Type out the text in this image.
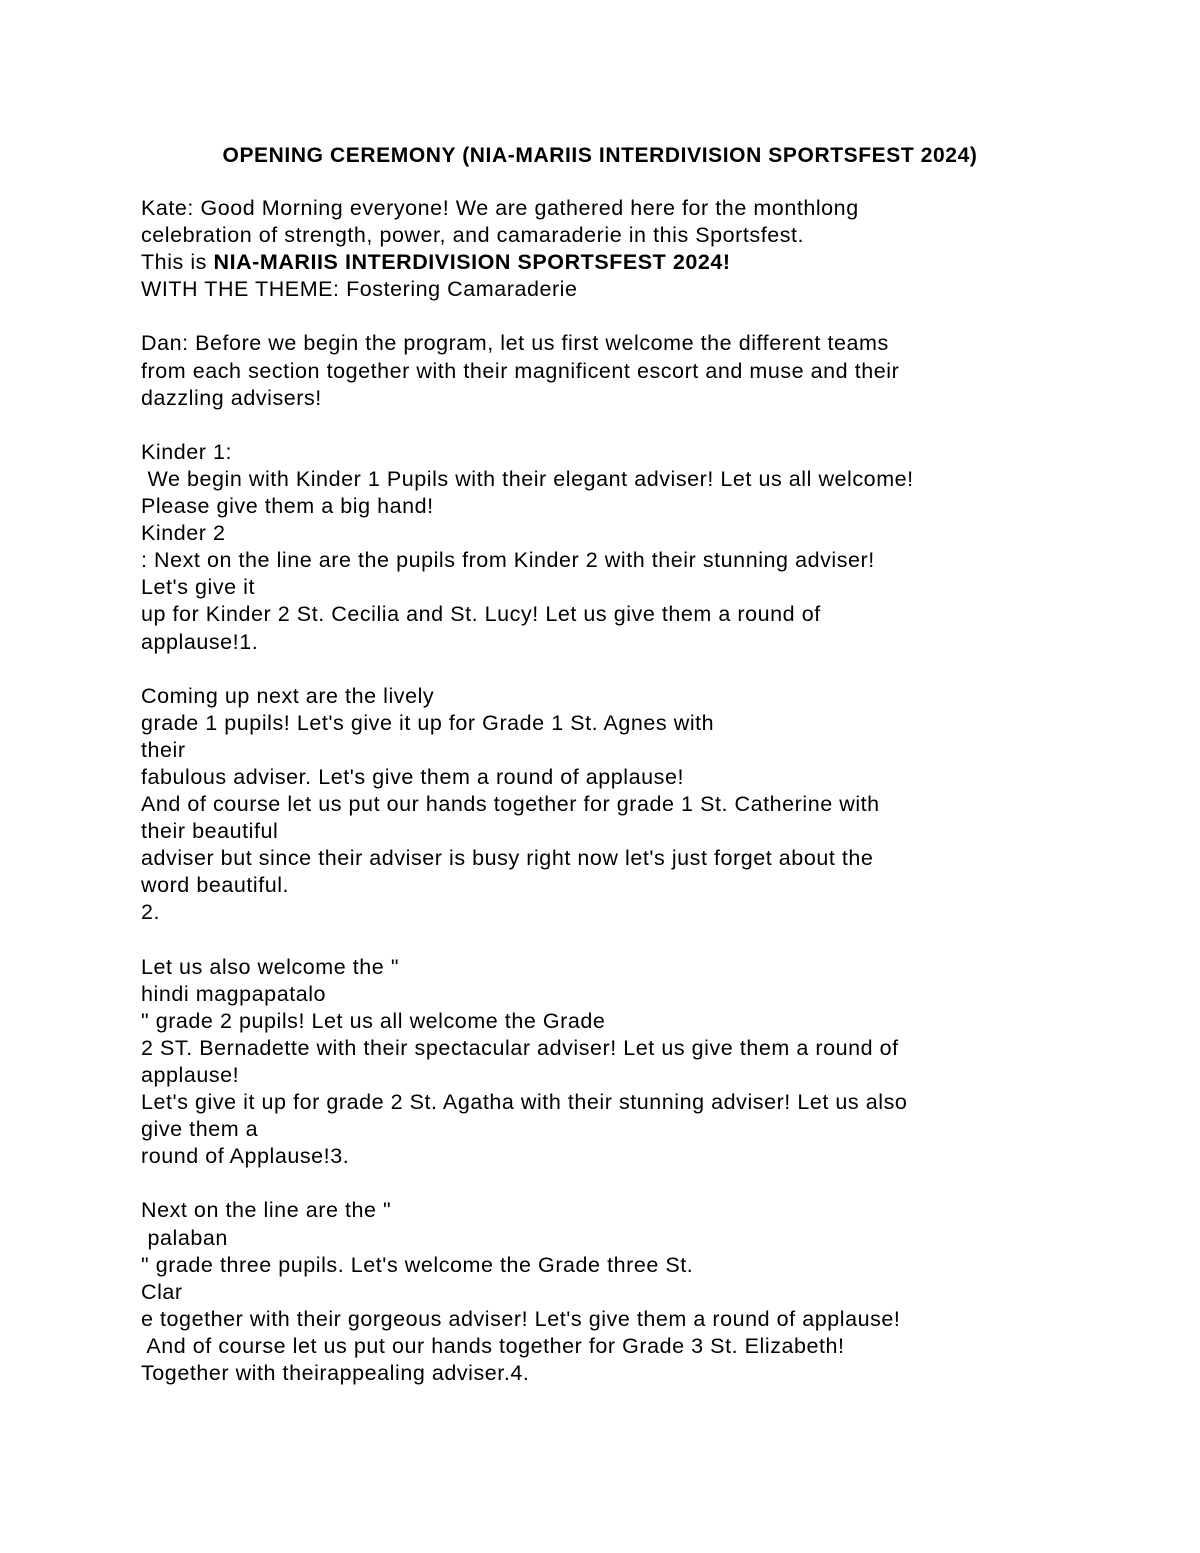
OPENING CEREMONY (NIA-MARIIS INTERDIVISION SPORTSFEST 2024)
Kate: Good Morning everyone! We are gathered here for the monthlong
celebration of strength, power, and camaraderie in this Sportsfest.
This is NIA-MARIIS INTERDIVISION SPORTSFEST 2024!
WITH THE THEME: Fostering Camaraderie
Dan: Before we begin the program, let us first welcome the different teams
from each section together with their magnificent escort and muse and their
dazzling advisers!
Kinder 1:
We begin with Kinder 1 Pupils with their elegant adviser! Let us all welcome!
Please give them a big hand!
Kinder 2
: Next on the line are the pupils from Kinder 2 with their stunning adviser!
Let's give it
up for Kinder 2 St. Cecilia and St. Lucy! Let us give them a round of
applause!1.
Coming up next are the lively
grade 1 pupils! Let's give it up for Grade 1 St. Agnes with
their
fabulous adviser. Let's give them a round of applause!
And of course let us put our hands together for grade 1 St. Catherine with
their beautiful
adviser but since their adviser is busy right now let's just forget about the
word beautiful.
2.
Let us also welcome the "
hindi magpapatalo
" grade 2 pupils! Let us all welcome the Grade
2 ST. Bernadette with their spectacular adviser! Let us give them a round of
applause!
Let's give it up for grade 2 St. Agatha with their stunning adviser! Let us also
give them a
round of Applause!3.
Next on the line are the "
palaban
" grade three pupils. Let's welcome the Grade three St.
Clar
e together with their gorgeous adviser! Let's give them a round of applause!
And of course let us put our hands together for Grade 3 St. Elizabeth!
Together with theirappealing adviser.4.
